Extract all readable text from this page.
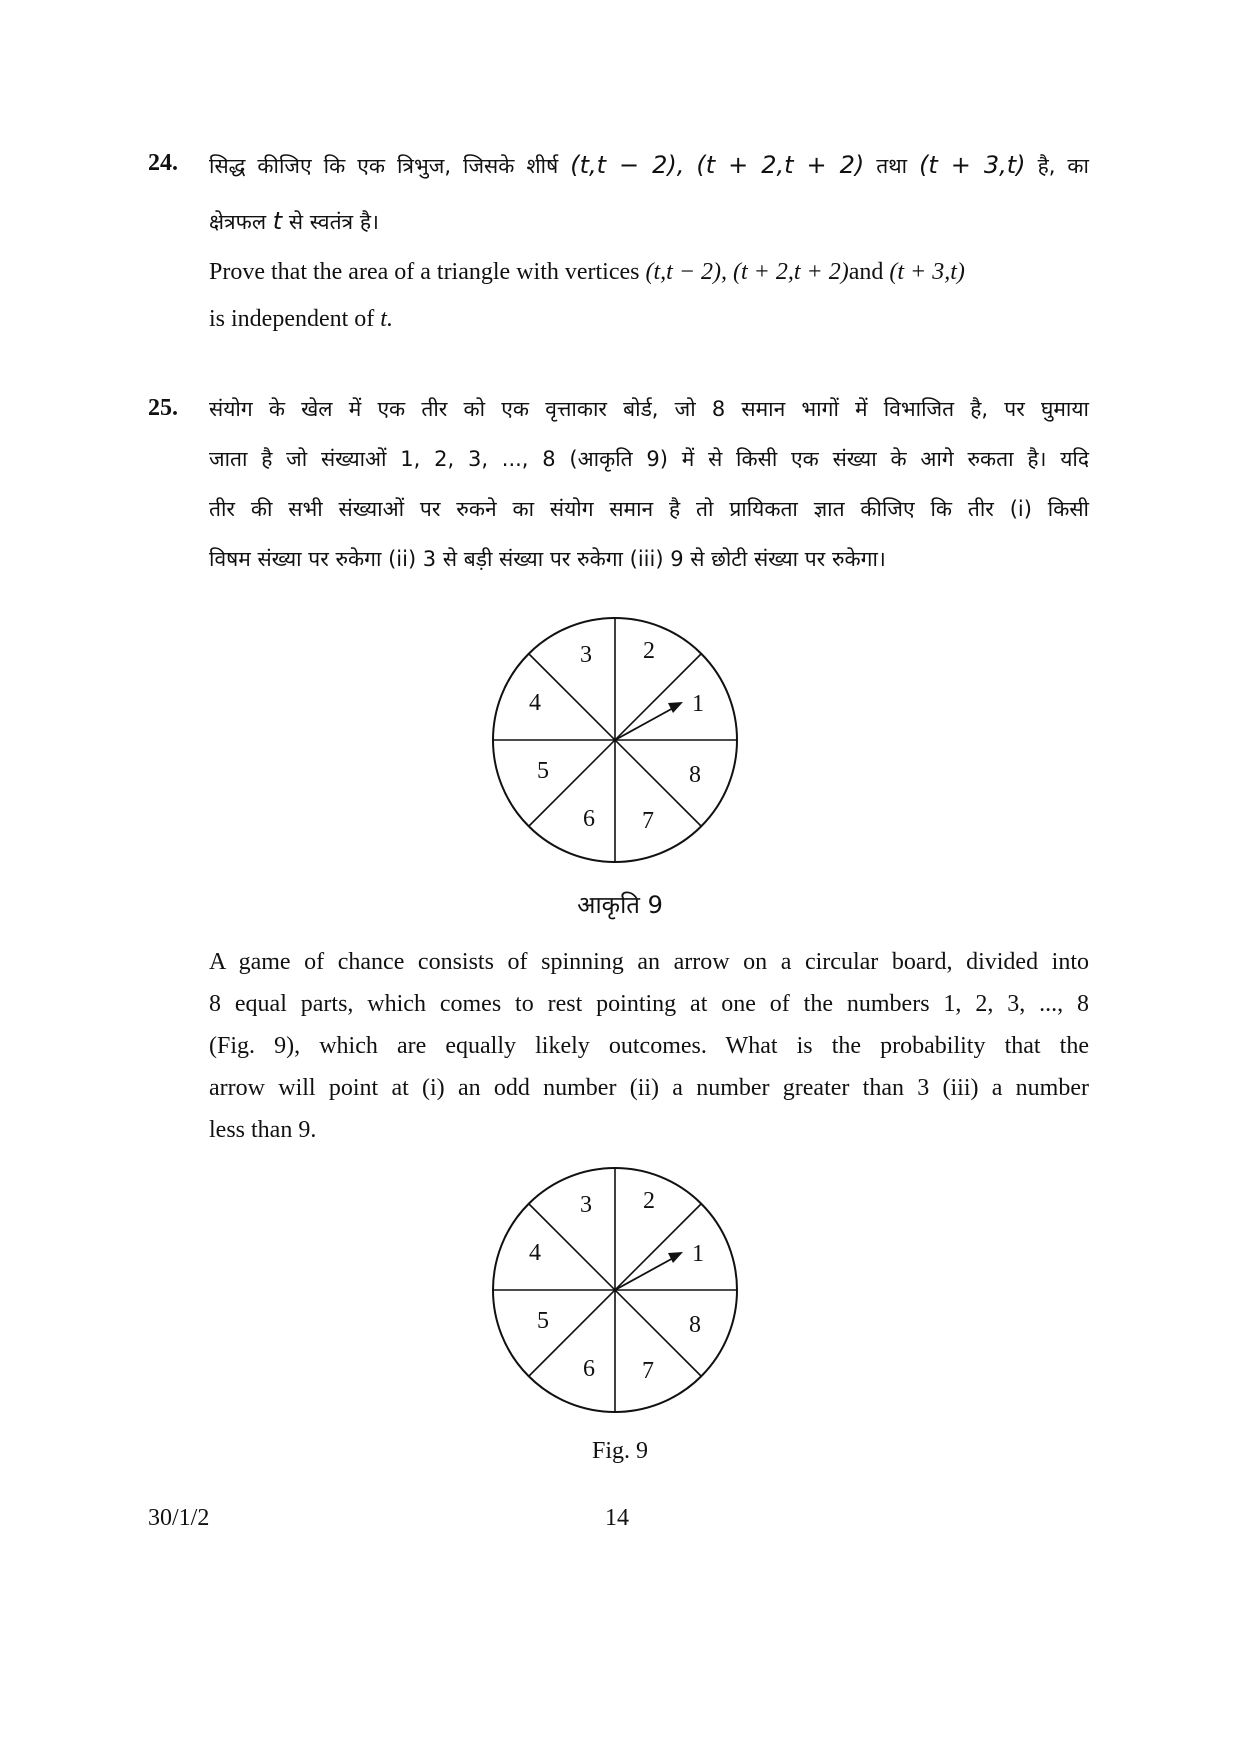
24. सिद्ध कीजिए कि एक त्रिभुज, जिसके शीर्ष (t,t − 2), (t + 2,t + 2) तथा (t + 3,t) है, का
क्षेत्रफल t से स्वतंत्र है।
Prove that the area of a triangle with vertices (t,t − 2), (t + 2,t + 2)and (t + 3,t)
is independent of t.
25. संयोग के खेल में एक तीर को एक वृत्ताकार बोर्ड, जो 8 समान भागों में विभाजित है, पर घुमाया
जाता है जो संख्याओं 1, 2, 3, ..., 8 (आकृति 9) में से किसी एक संख्या के आगे रुकता है। यदि
तीर की सभी संख्याओं पर रुकने का संयोग समान है तो प्रायिकता ज्ञात कीजिए कि तीर (i) किसी
विषम संख्या पर रुकेगा (ii) 3 से बड़ी संख्या पर रुकेगा (iii) 9 से छोटी संख्या पर रुकेगा।
1
2
3
4
5
6 7
8
आकृति 9
A game of chance consists of spinning an arrow on a circular board, divided into
8 equal parts, which comes to rest pointing at one of the numbers 1, 2, 3, ..., 8
(Fig. 9), which are equally likely outcomes. What is the probability that the
arrow will point at (i) an odd number (ii) a number greater than 3 (iii) a number
less than 9.
1
2
3
4
5
6 7
8
Fig. 9
30/1/2	14
